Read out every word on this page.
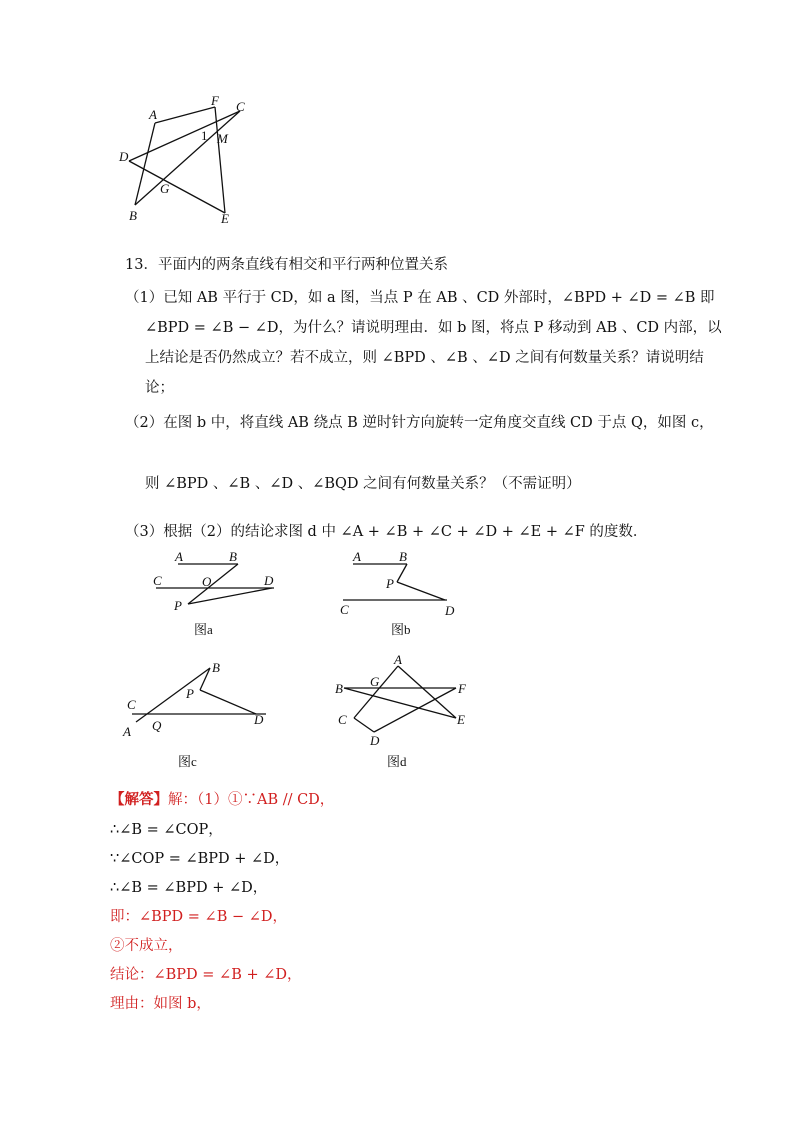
A
F C
1 M
D
G
B	E
13．平面内的两条直线有相交和平行两种位置关系
（1）已知 AB 平行于 CD，如 a 图，当点 P 在 AB 、CD 外部时，∠BPD + ∠D = ∠B 即
∠BPD = ∠B − ∠D，为什么？请说明理由．如 b 图，将点 P 移动到 AB 、CD 内部，以
上结论是否仍然成立？若不成立，则 ∠BPD 、∠B 、∠D 之间有何数量关系？请说明结
论；
（2）在图 b 中，将直线 AB 绕点 B 逆时针方向旋转一定角度交直线 CD 于点 Q，如图 c，
则 ∠BPD 、∠B 、∠D 、∠BQD 之间有何数量关系？（不需证明）
（3）根据（2）的结论求图 d 中 ∠A + ∠B + ∠C + ∠D + ∠E + ∠F 的度数．
A	B
C	O	D
P
图a
A	B
P
C	D
图b
B
P
C
Q
A
D
图c
A
G
B	F
C	E
D
图d
【解答】解：（1）①∵AB // CD，
∴∠B = ∠COP，
∵∠COP = ∠BPD + ∠D，
∴∠B = ∠BPD + ∠D，
即：∠BPD = ∠B − ∠D，
②不成立，
结论：∠BPD = ∠B + ∠D，
理由：如图 b，
